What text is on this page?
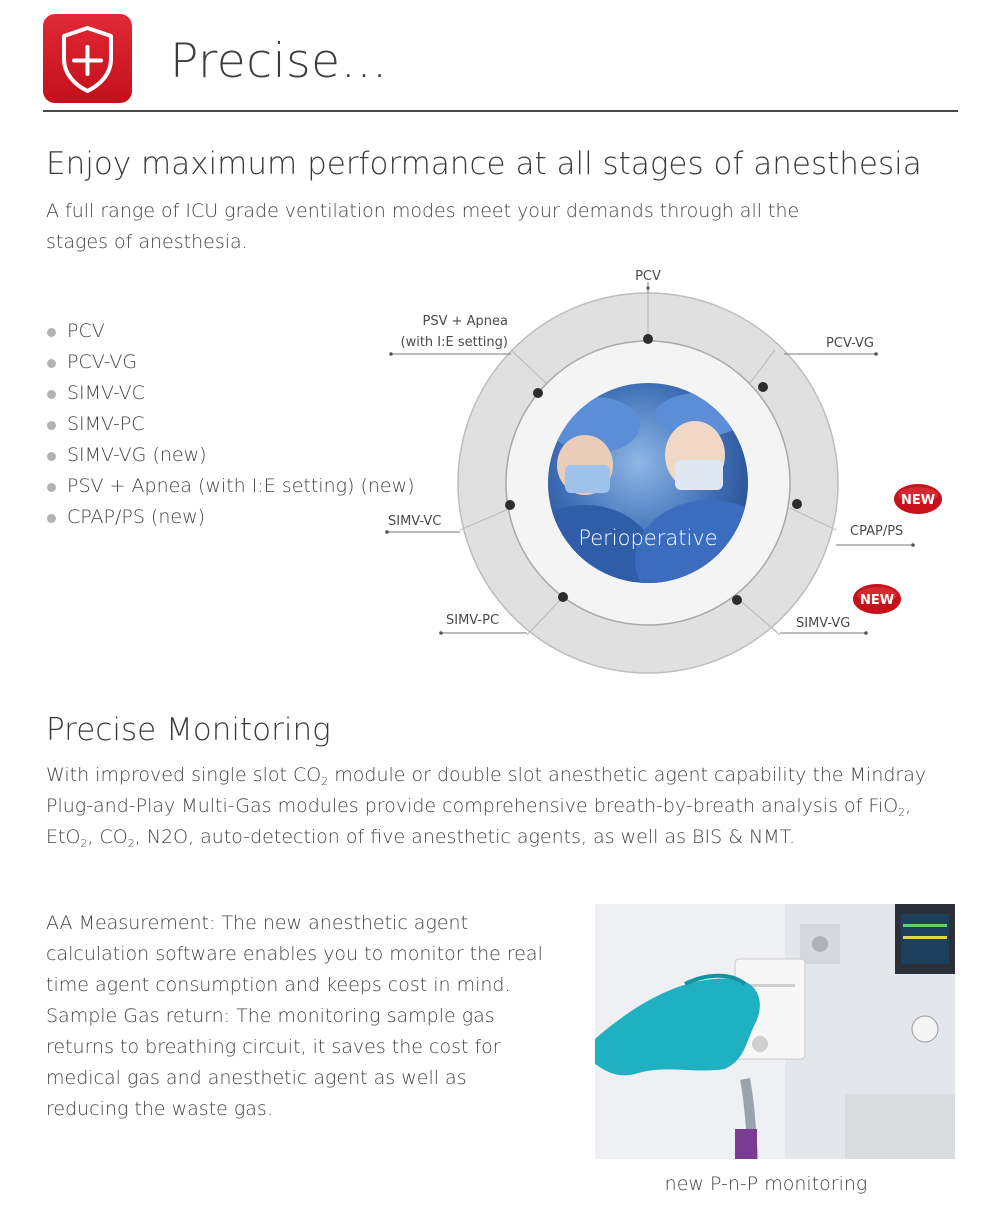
Precise…
Enjoy maximum performance at all stages of anesthesia
A full range of ICU grade ventilation modes meet your demands through all the stages of anesthesia.
PCV
PCV-VG
SIMV-VC
SIMV-PC
SIMV-VG (new)
PSV + Apnea (with I:E setting) (new)
CPAP/PS (new)
Perioperative
PCV
PSV + Apnea
(with I:E setting)	PCV-VG
SIMV-VC
CPAP/PS
SIMV-PC	SIMV-VG
NEW
NEW
Precise Monitoring
With improved single slot $CO_2$ module or double slot anesthetic agent capability the Mindray Plug-and-Play Multi-Gas modules provide comprehensive breath-by-breath analysis of FiO$_2$, EtO$_2$, $CO_2$, N2O, auto-detection of five anesthetic agents, as well as BIS & NMT.
AA Measurement: The new anesthetic agent calculation software enables you to monitor the real time agent consumption and keeps cost in mind.
Sample Gas return: The monitoring sample gas returns to breathing circuit, it saves the cost for medical gas and anesthetic agent as well as reducing the waste gas.
new P-n-P monitoring
